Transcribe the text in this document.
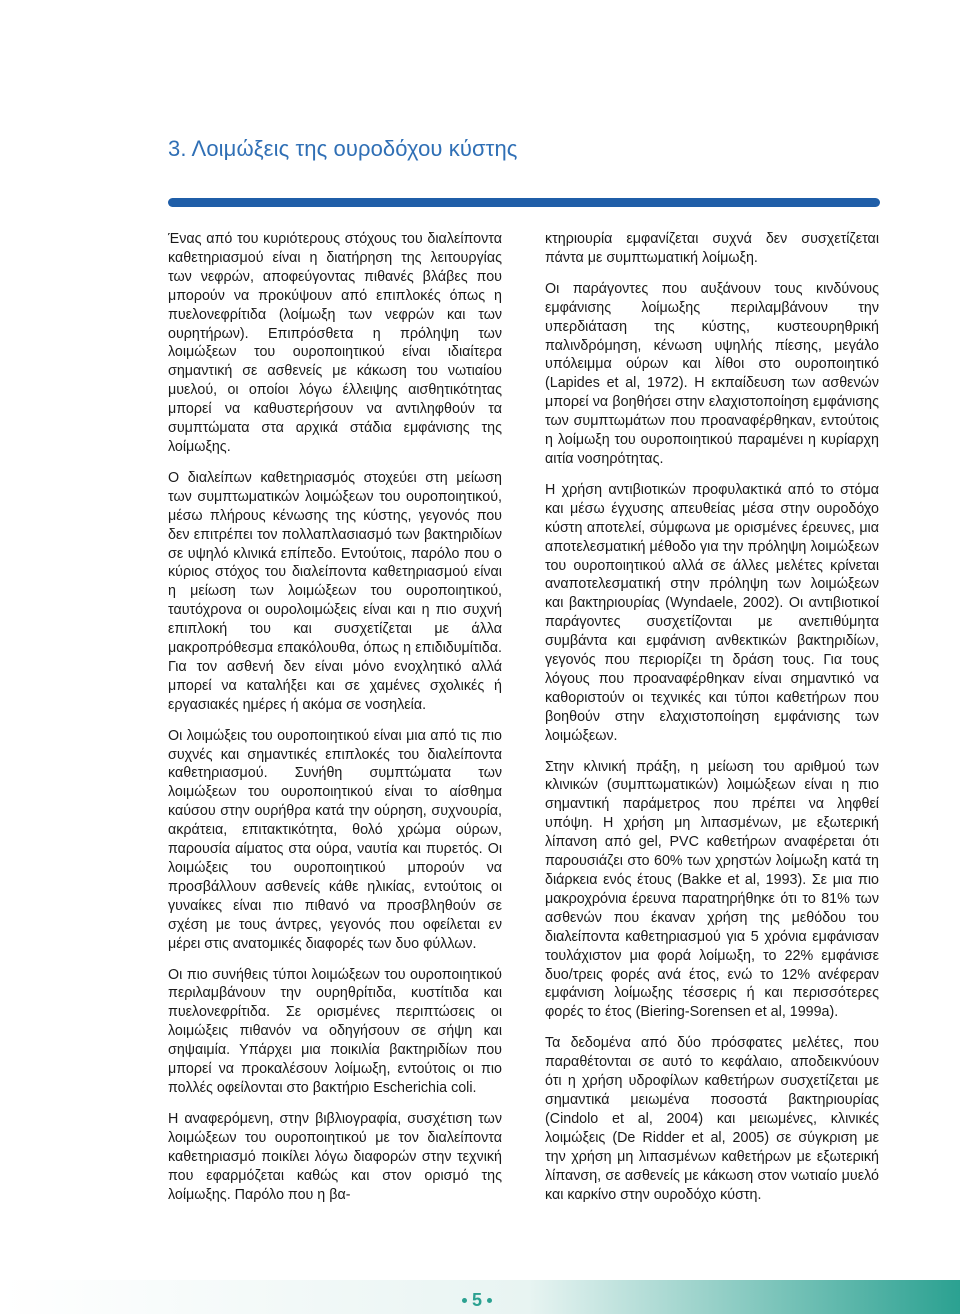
3. Λοιμώξεις της ουροδόχου κύστης

Ένας από του κυριότερους στόχους του διαλείποντα καθετηριασμού είναι η διατήρηση της λειτουργίας των νεφρών, αποφεύγοντας πιθανές βλάβες που μπορούν να προκύψουν από επιπλοκές όπως η πυελονεφρίτιδα (λοίμωξη των νεφρών και των ουρητήρων). Επιπρόσθετα η πρόληψη των λοιμώξεων του ουροποιητικού είναι ιδιαίτερα σημαντική σε ασθενείς με κάκωση του νωτιαίου μυελού, οι οποίοι λόγω έλλειψης αισθητικότητας μπορεί να καθυστερήσουν να αντιληφθούν τα συμπτώματα στα αρχικά στάδια εμφάνισης της λοίμωξης.

Ο διαλείπων καθετηριασμός στοχεύει στη μείωση των συμπτωματικών λοιμώξεων του ουροποιητικού, μέσω πλήρους κένωσης της κύστης, γεγονός που δεν επιτρέπει τον πολλαπλασιασμό των βακτηριδίων σε υψηλό κλινικά επίπεδο. Εντούτοις, παρόλο που ο κύριος στόχος του διαλείποντα καθετηριασμού είναι η μείωση των λοιμώξεων του ουροποιητικού, ταυτόχρονα οι ουρολοιμώξεις είναι και η πιο συχνή επιπλοκή του και συσχετίζεται με άλλα μακροπρόθεσμα επακόλουθα, όπως η επιδιδυμίτιδα. Για τον ασθενή δεν είναι μόνο ενοχλητικό αλλά μπορεί να καταλήξει και σε χαμένες σχολικές ή εργασιακές ημέρες ή ακόμα σε νοσηλεία.

Οι λοιμώξεις του ουροποιητικού είναι μια από τις πιο συχνές και σημαντικές επιπλοκές του διαλείποντα καθετηριασμού. Συνήθη συμπτώματα των λοιμώξεων του ουροποιητικού είναι το αίσθημα καύσου στην ουρήθρα κατά την ούρηση, συχνουρία, ακράτεια, επιτακτικότητα, θολό χρώμα ούρων, παρουσία αίματος στα ούρα, ναυτία και πυρετός. Οι λοιμώξεις του ουροποιητικού μπορούν να προσβάλλουν ασθενείς κάθε ηλικίας, εντούτοις οι γυναίκες είναι πιο πιθανό να προσβληθούν σε σχέση με τους άντρες, γεγονός που οφείλεται εν μέρει στις ανατομικές διαφορές των δυο φύλλων.

Οι πιο συνήθεις τύποι λοιμώξεων του ουροποιητικού περιλαμβάνουν την ουρηθρίτιδα, κυστίτιδα και πυελονεφρίτιδα. Σε ορισμένες περιπτώσεις οι λοιμώξεις πιθανόν να οδηγήσουν σε σήψη και σηψαιμία. Υπάρχει μια ποικιλία βακτηριδίων που μπορεί να προκαλέσουν λοίμωξη, εντούτοις οι πιο πολλές οφείλονται στο βακτήριο Escherichia coli.

Η αναφερόμενη, στην βιβλιογραφία, συσχέτιση των λοιμώξεων του ουροποιητικού με τον διαλείποντα καθετηριασμό ποικίλει λόγω διαφορών στην τεχνική που εφαρμόζεται καθώς και στον ορισμό της λοίμωξης. Παρόλο που η βα-

κτηριουρία εμφανίζεται συχνά δεν συσχετίζεται πάντα με συμπτωματική λοίμωξη.

Οι παράγοντες που αυξάνουν τους κινδύνους εμφάνισης λοίμωξης περιλαμβάνουν την υπερδιάταση της κύστης, κυστεουρηθρική παλινδρόμηση, κένωση υψηλής πίεσης, μεγάλο υπόλειμμα ούρων και λίθοι στο ουροποιητικό (Lapides et al, 1972). Η εκπαίδευση των ασθενών μπορεί να βοηθήσει στην ελαχιστοποίηση εμφάνισης των συμπτωμάτων που προαναφέρθηκαν, εντούτοις η λοίμωξη του ουροποιητικού παραμένει η κυρίαρχη αιτία νοσηρότητας.

Η χρήση αντιβιοτικών προφυλακτικά από το στόμα και μέσω έγχυσης απευθείας μέσα στην ουροδόχο κύστη αποτελεί, σύμφωνα με ορισμένες έρευνες, μια αποτελεσματική μέθοδο για την πρόληψη λοιμώξεων του ουροποιητικού αλλά σε άλλες μελέτες κρίνεται αναποτελεσματική στην πρόληψη των λοιμώξεων και βακτηριουρίας (Wyndaele, 2002). Οι αντιβιοτικοί παράγοντες συσχετίζονται με ανεπιθύμητα συμβάντα και εμφάνιση ανθεκτικών βακτηριδίων, γεγονός που περιορίζει τη δράση τους. Για τους λόγους που προαναφέρθηκαν είναι σημαντικό να καθοριστούν οι τεχνικές και τύποι καθετήρων που βοηθούν στην ελαχιστοποίηση εμφάνισης των λοιμώξεων.

Στην κλινική πράξη, η μείωση του αριθμού των κλινικών (συμπτωματικών) λοιμώξεων είναι η πιο σημαντική παράμετρος που πρέπει να ληφθεί υπόψη. Η χρήση μη λιπασμένων, με εξωτερική λίπανση από gel, PVC καθετήρων αναφέρεται ότι παρουσιάζει στο 60% των χρηστών λοίμωξη κατά τη διάρκεια ενός έτους (Bakke et al, 1993). Σε μια πιο μακροχρόνια έρευνα παρατηρήθηκε ότι το 81% των ασθενών που έκαναν χρήση της μεθόδου του διαλείποντα καθετηριασμού για 5 χρόνια εμφάνισαν τουλάχιστον μια φορά λοίμωξη, το 22% εμφάνισε δυο/τρεις φορές ανά έτος, ενώ το 12% ανέφεραν εμφάνιση λοίμωξης τέσσερις ή και περισσότερες φορές το έτος (Biering-Sorensen et al, 1999a).

Τα δεδομένα από δύο πρόσφατες μελέτες, που παραθέτονται σε αυτό το κεφάλαιο, αποδεικνύουν ότι η χρήση υδροφίλων καθετήρων συσχετίζεται με σημαντικά μειωμένα ποσοστά βακτηριουρίας (Cindolo et al, 2004) και μειωμένες, κλινικές λοιμώξεις (De Ridder et al, 2005) σε σύγκριση με την χρήση μη λιπασμένων καθετήρων με εξωτερική λίπανση, σε ασθενείς με κάκωση στον νωτιαίο μυελό και καρκίνο στην ουροδόχο κύστη.

5
